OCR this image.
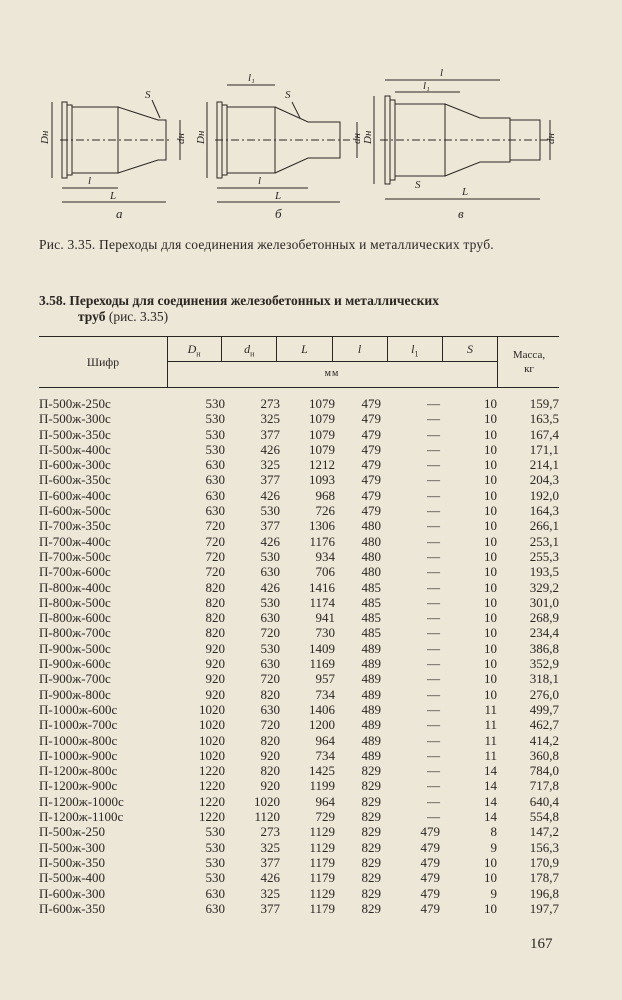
Dн	dн
l
L
S
Dн	dн
l
L
l₁
S
Dн	dн
l
l₁
L
S
а	б	в
Рис. 3.35. Переходы для соединения железобетонных и металлических труб.
3.58. Переходы для соединения железобетонных и металлических
труб (рис. 3.35)
Шифр
$D_н$	$d_н$	L	l	$l_1$	S
мм
Масса,
кг
П-500ж-250с	530	273	1079	479	—	10	159,7
П-500ж-300с	530	325	1079	479	—	10	163,5
П-500ж-350с	530	377	1079	479	—	10	167,4
П-500ж-400с	530	426	1079	479	—	10	171,1
П-600ж-300с	630	325	1212	479	—	10	214,1
П-600ж-350с	630	377	1093	479	—	10	204,3
П-600ж-400с	630	426	968	479	—	10	192,0
П-600ж-500с	630	530	726	479	—	10	164,3
П-700ж-350с	720	377	1306	480	—	10	266,1
П-700ж-400с	720	426	1176	480	—	10	253,1
П-700ж-500с	720	530	934	480	—	10	255,3
П-700ж-600с	720	630	706	480	—	10	193,5
П-800ж-400с	820	426	1416	485	—	10	329,2
П-800ж-500с	820	530	1174	485	—	10	301,0
П-800ж-600с	820	630	941	485	—	10	268,9
П-800ж-700с	820	720	730	485	—	10	234,4
П-900ж-500с	920	530	1409	489	—	10	386,8
П-900ж-600с	920	630	1169	489	—	10	352,9
П-900ж-700с	920	720	957	489	—	10	318,1
П-900ж-800с	920	820	734	489	—	10	276,0
П-1000ж-600с	1020	630	1406	489	—	11	499,7
П-1000ж-700с	1020	720	1200	489	—	11	462,7
П-1000ж-800с	1020	820	964	489	—	11	414,2
П-1000ж-900с	1020	920	734	489	—	11	360,8
П-1200ж-800с	1220	820	1425	829	—	14	784,0
П-1200ж-900с	1220	920	1199	829	—	14	717,8
П-1200ж-1000с	1220	1020	964	829	—	14	640,4
П-1200ж-1100с	1220	1120	729	829	—	14	554,8
П-500ж-250	530	273	1129	829	479	8	147,2
П-500ж-300	530	325	1129	829	479	9	156,3
П-500ж-350	530	377	1179	829	479	10	170,9
П-500ж-400	530	426	1179	829	479	10	178,7
П-600ж-300	630	325	1129	829	479	9	196,8
П-600ж-350	630	377	1179	829	479	10	197,7
167
